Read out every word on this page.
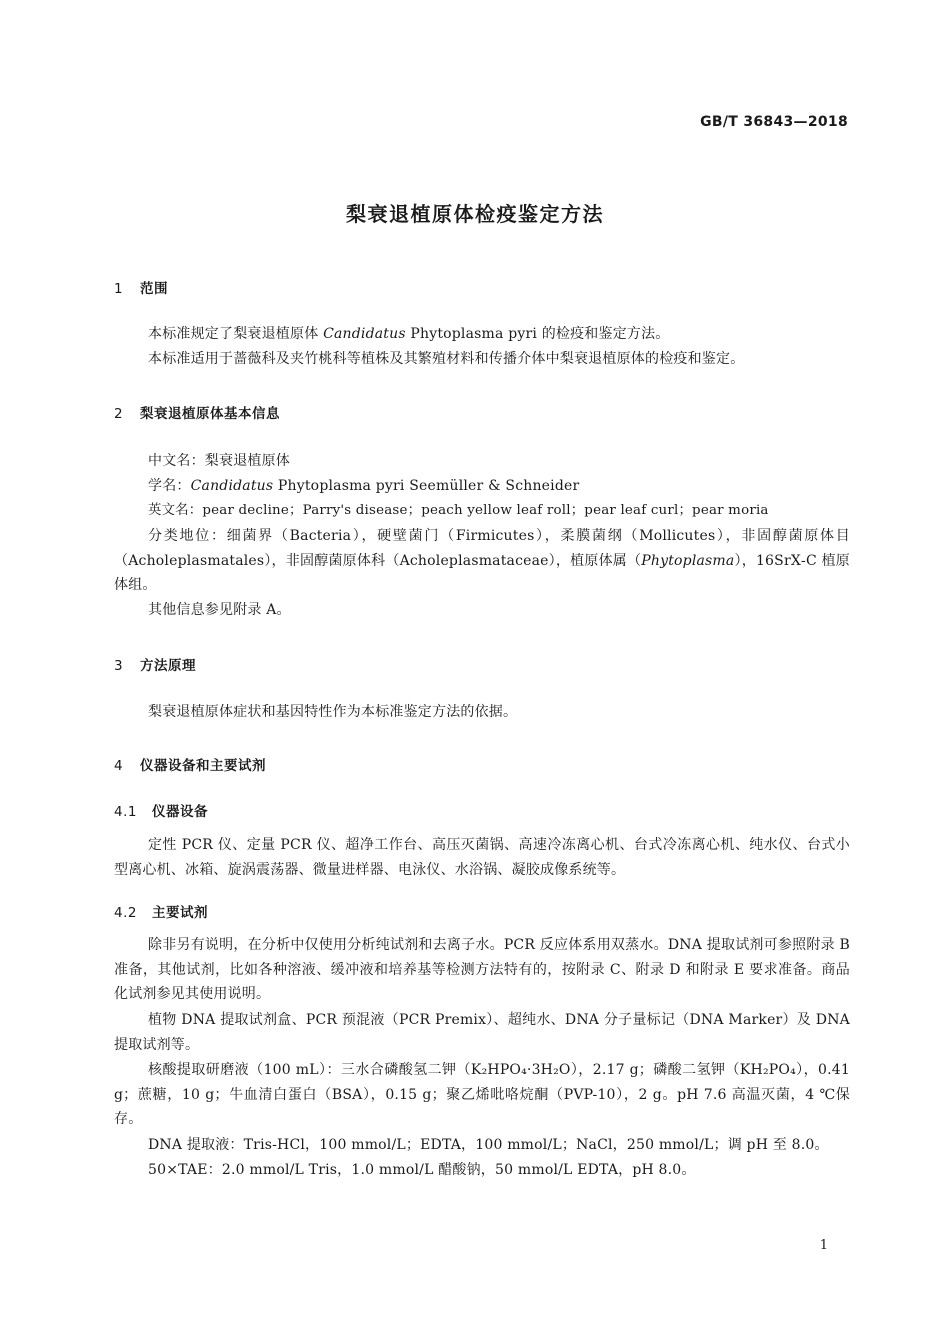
GB/T 36843—2018
梨衰退植原体检疫鉴定方法
1 范围
本标准规定了梨衰退植原体 Candidatus Phytoplasma pyri 的检疫和鉴定方法。
本标准适用于蔷薇科及夹竹桃科等植株及其繁殖材料和传播介体中梨衰退植原体的检疫和鉴定。
2 梨衰退植原体基本信息
中文名：梨衰退植原体
学名：Candidatus Phytoplasma pyri Seemüller & Schneider
英文名：pear decline；Parry's disease；peach yellow leaf roll；pear leaf curl；pear moria
分类地位：细菌界（Bacteria），硬壁菌门（Firmicutes），柔膜菌纲（Mollicutes），非固醇菌原体目（Acholeplasmatales），非固醇菌原体科（Acholeplasmataceae），植原体属（Phytoplasma），16SrⅩ-C 植原体组。
其他信息参见附录 A。
3 方法原理
梨衰退植原体症状和基因特性作为本标准鉴定方法的依据。
4 仪器设备和主要试剂
4.1 仪器设备
定性 PCR 仪、定量 PCR 仪、超净工作台、高压灭菌锅、高速冷冻离心机、台式冷冻离心机、纯水仪、台式小型离心机、冰箱、旋涡震荡器、微量进样器、电泳仪、水浴锅、凝胶成像系统等。
4.2 主要试剂
除非另有说明，在分析中仅使用分析纯试剂和去离子水。PCR 反应体系用双蒸水。DNA 提取试剂可参照附录 B 准备，其他试剂，比如各种溶液、缓冲液和培养基等检测方法特有的，按附录 C、附录 D 和附录 E 要求准备。商品化试剂参见其使用说明。
植物 DNA 提取试剂盒、PCR 预混液（PCR Premix）、超纯水、DNA 分子量标记（DNA Marker）及 DNA 提取试剂等。
核酸提取研磨液（100 mL）：三水合磷酸氢二钾（K₂HPO₄·3H₂O），2.17 g；磷酸二氢钾（KH₂PO₄），0.41 g；蔗糖，10 g；牛血清白蛋白（BSA），0.15 g；聚乙烯吡咯烷酮（PVP-10），2 g。pH 7.6 高温灭菌，4 ℃保存。
DNA 提取液：Tris-HCl，100 mmol/L；EDTA，100 mmol/L；NaCl，250 mmol/L；调 pH 至 8.0。
50×TAE：2.0 mmol/L Tris，1.0 mmol/L 醋酸钠，50 mmol/L EDTA，pH 8.0。
1
